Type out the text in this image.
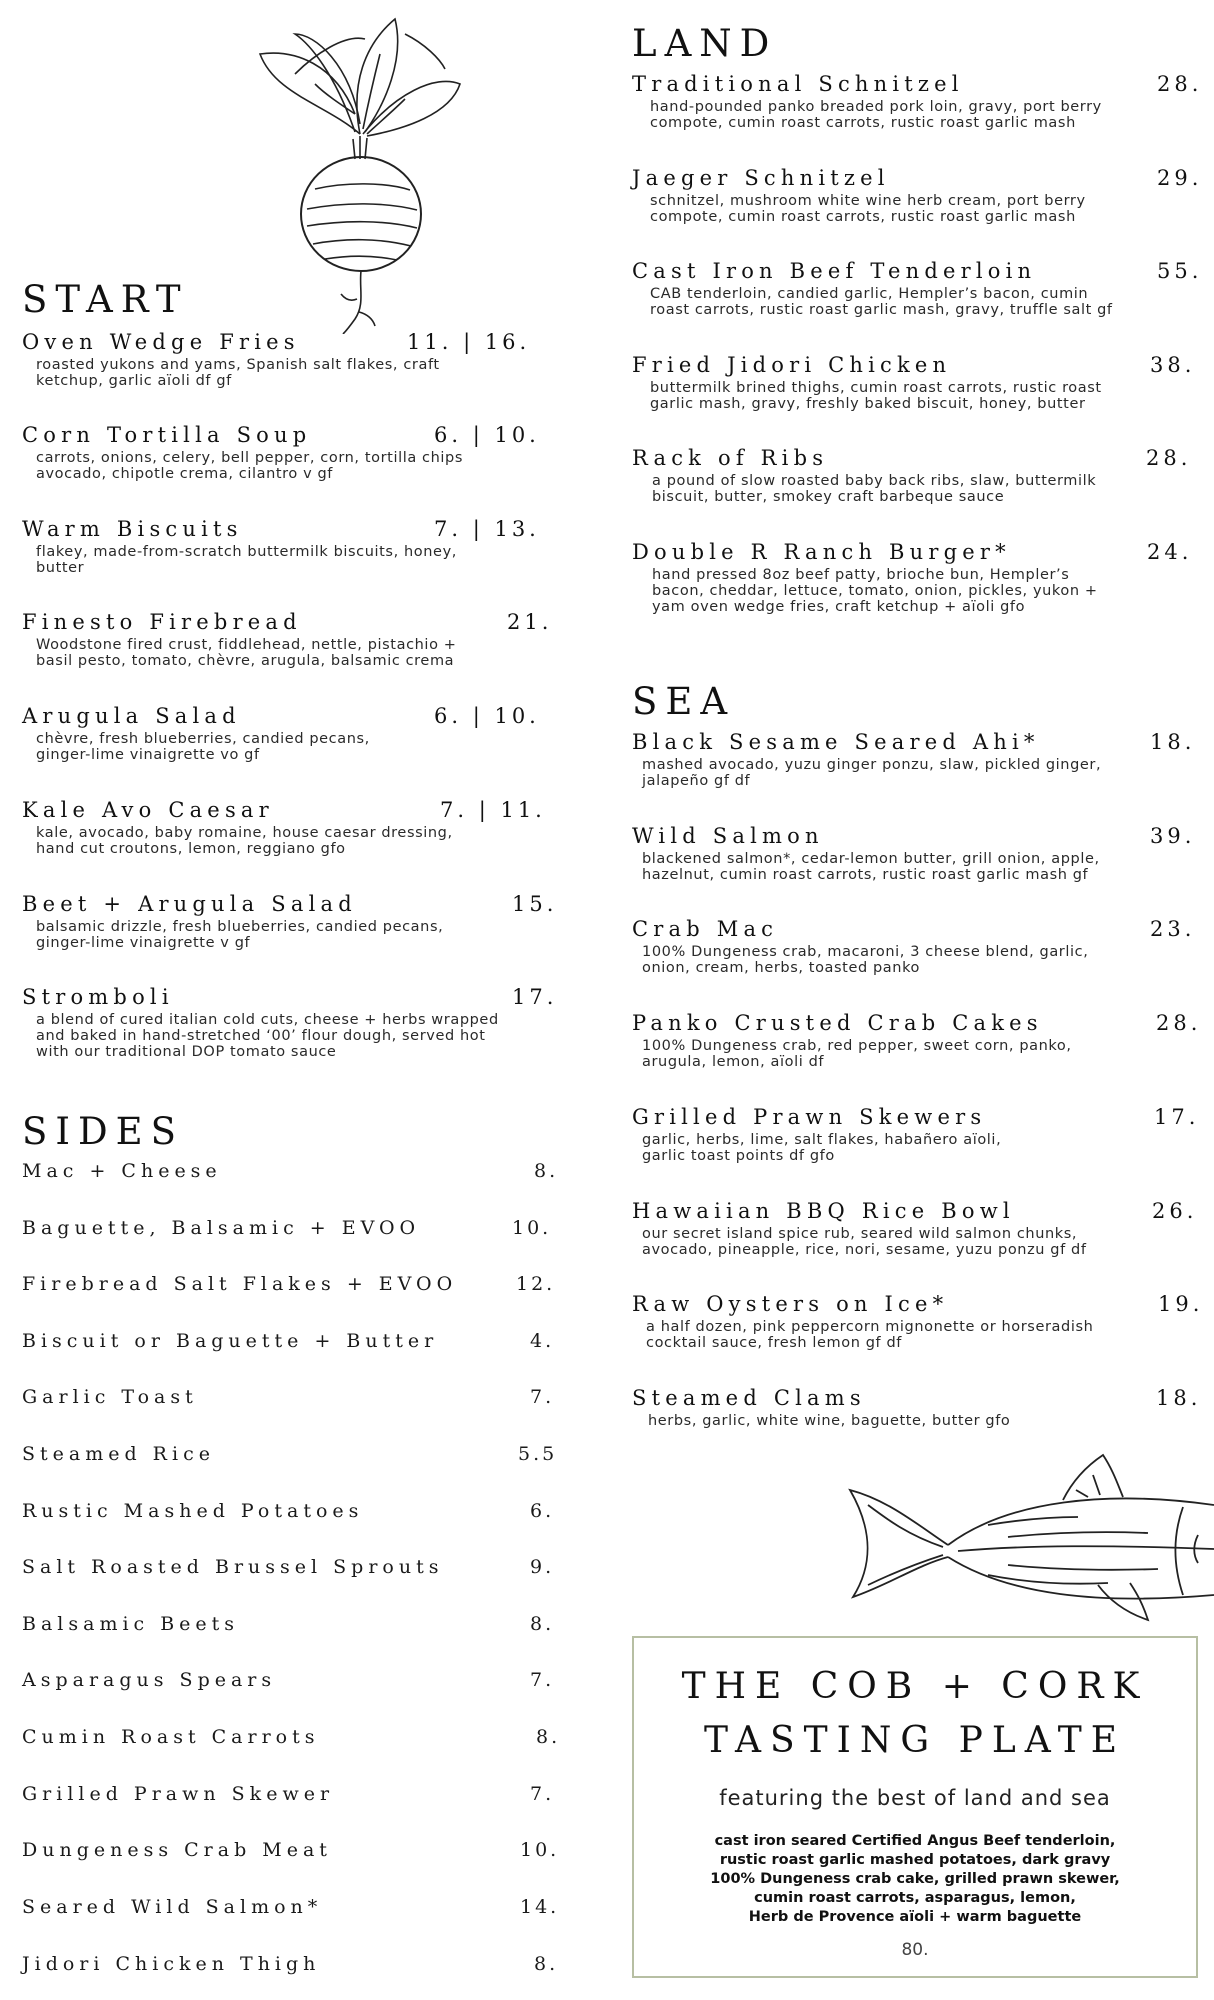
START
Oven Wedge Fries	11. | 16.
roasted yukons and yams, Spanish salt flakes, craft
ketchup, garlic aïoli df gf
Corn Tortilla Soup	6. | 10.
carrots, onions, celery, bell pepper, corn, tortilla chips
avocado, chipotle crema, cilantro v gf
Warm Biscuits	7. | 13.
flakey, made-from-scratch buttermilk biscuits, honey,
butter
Finesto Firebread	21.
Woodstone fired crust, fiddlehead, nettle, pistachio +
basil pesto, tomato, chèvre, arugula, balsamic crema
Arugula Salad	6. | 10.
chèvre, fresh blueberries, candied pecans,
ginger-lime vinaigrette vo gf
Kale Avo Caesar	7. | 11.
kale, avocado, baby romaine, house caesar dressing,
hand cut croutons, lemon, reggiano gfo
Beet + Arugula Salad	15.
balsamic drizzle, fresh blueberries, candied pecans,
ginger-lime vinaigrette v gf
Stromboli	17.
a blend of cured italian cold cuts, cheese + herbs wrapped
and baked in hand-stretched ‘00’ flour dough, served hot
with our traditional DOP tomato sauce
SIDES
Mac + Cheese	8.
Baguette, Balsamic + EVOO	10.
Firebread Salt Flakes + EVOO	12.
Biscuit or Baguette + Butter	4.
Garlic Toast	7.
Steamed Rice	5.5
Rustic Mashed Potatoes	6.
Salt Roasted Brussel Sprouts	9.
Balsamic Beets	8.
Asparagus Spears	7.
Cumin Roast Carrots	8.
Grilled Prawn Skewer	7.
Dungeness Crab Meat	10.
Seared Wild Salmon*	14.
Jidori Chicken Thigh	8.
LAND
Traditional Schnitzel	28.
hand-pounded panko breaded pork loin, gravy, port berry
compote, cumin roast carrots, rustic roast garlic mash
Jaeger Schnitzel	29.
schnitzel, mushroom white wine herb cream, port berry
compote, cumin roast carrots, rustic roast garlic mash
Cast Iron Beef Tenderloin	55.
CAB tenderloin, candied garlic, Hempler’s bacon, cumin
roast carrots, rustic roast garlic mash, gravy, truffle salt gf
Fried Jidori Chicken	38.
buttermilk brined thighs, cumin roast carrots, rustic roast
garlic mash, gravy, freshly baked biscuit, honey, butter
Rack of Ribs	28.
a pound of slow roasted baby back ribs, slaw, buttermilk
biscuit, butter, smokey craft barbeque sauce
Double R Ranch Burger*	24.
hand pressed 8oz beef patty, brioche bun, Hempler’s
bacon, cheddar, lettuce, tomato, onion, pickles, yukon +
yam oven wedge fries, craft ketchup + aïoli gfo
SEA
Black Sesame Seared Ahi*	18.
mashed avocado, yuzu ginger ponzu, slaw, pickled ginger,
jalapeño gf df
Wild Salmon	39.
blackened salmon*, cedar-lemon butter, grill onion, apple,
hazelnut, cumin roast carrots, rustic roast garlic mash gf
Crab Mac	23.
100% Dungeness crab, macaroni, 3 cheese blend, garlic,
onion, cream, herbs, toasted panko
Panko Crusted Crab Cakes	28.
100% Dungeness crab, red pepper, sweet corn, panko,
arugula, lemon, aïoli df
Grilled Prawn Skewers	17.
garlic, herbs, lime, salt flakes, habañero aïoli,
garlic toast points df gfo
Hawaiian BBQ Rice Bowl	26.
our secret island spice rub, seared wild salmon chunks,
avocado, pineapple, rice, nori, sesame, yuzu ponzu gf df
Raw Oysters on Ice*	19.
a half dozen, pink peppercorn mignonette or horseradish
cocktail sauce, fresh lemon gf df
Steamed Clams	18.
herbs, garlic, white wine, baguette, butter gfo
THE COB + CORK
TASTING PLATE
featuring the best of land and sea
cast iron seared Certified Angus Beef tenderloin,
rustic roast garlic mashed potatoes, dark gravy
100% Dungeness crab cake, grilled prawn skewer,
cumin roast carrots, asparagus, lemon,
Herb de Provence aïoli + warm baguette
80.
